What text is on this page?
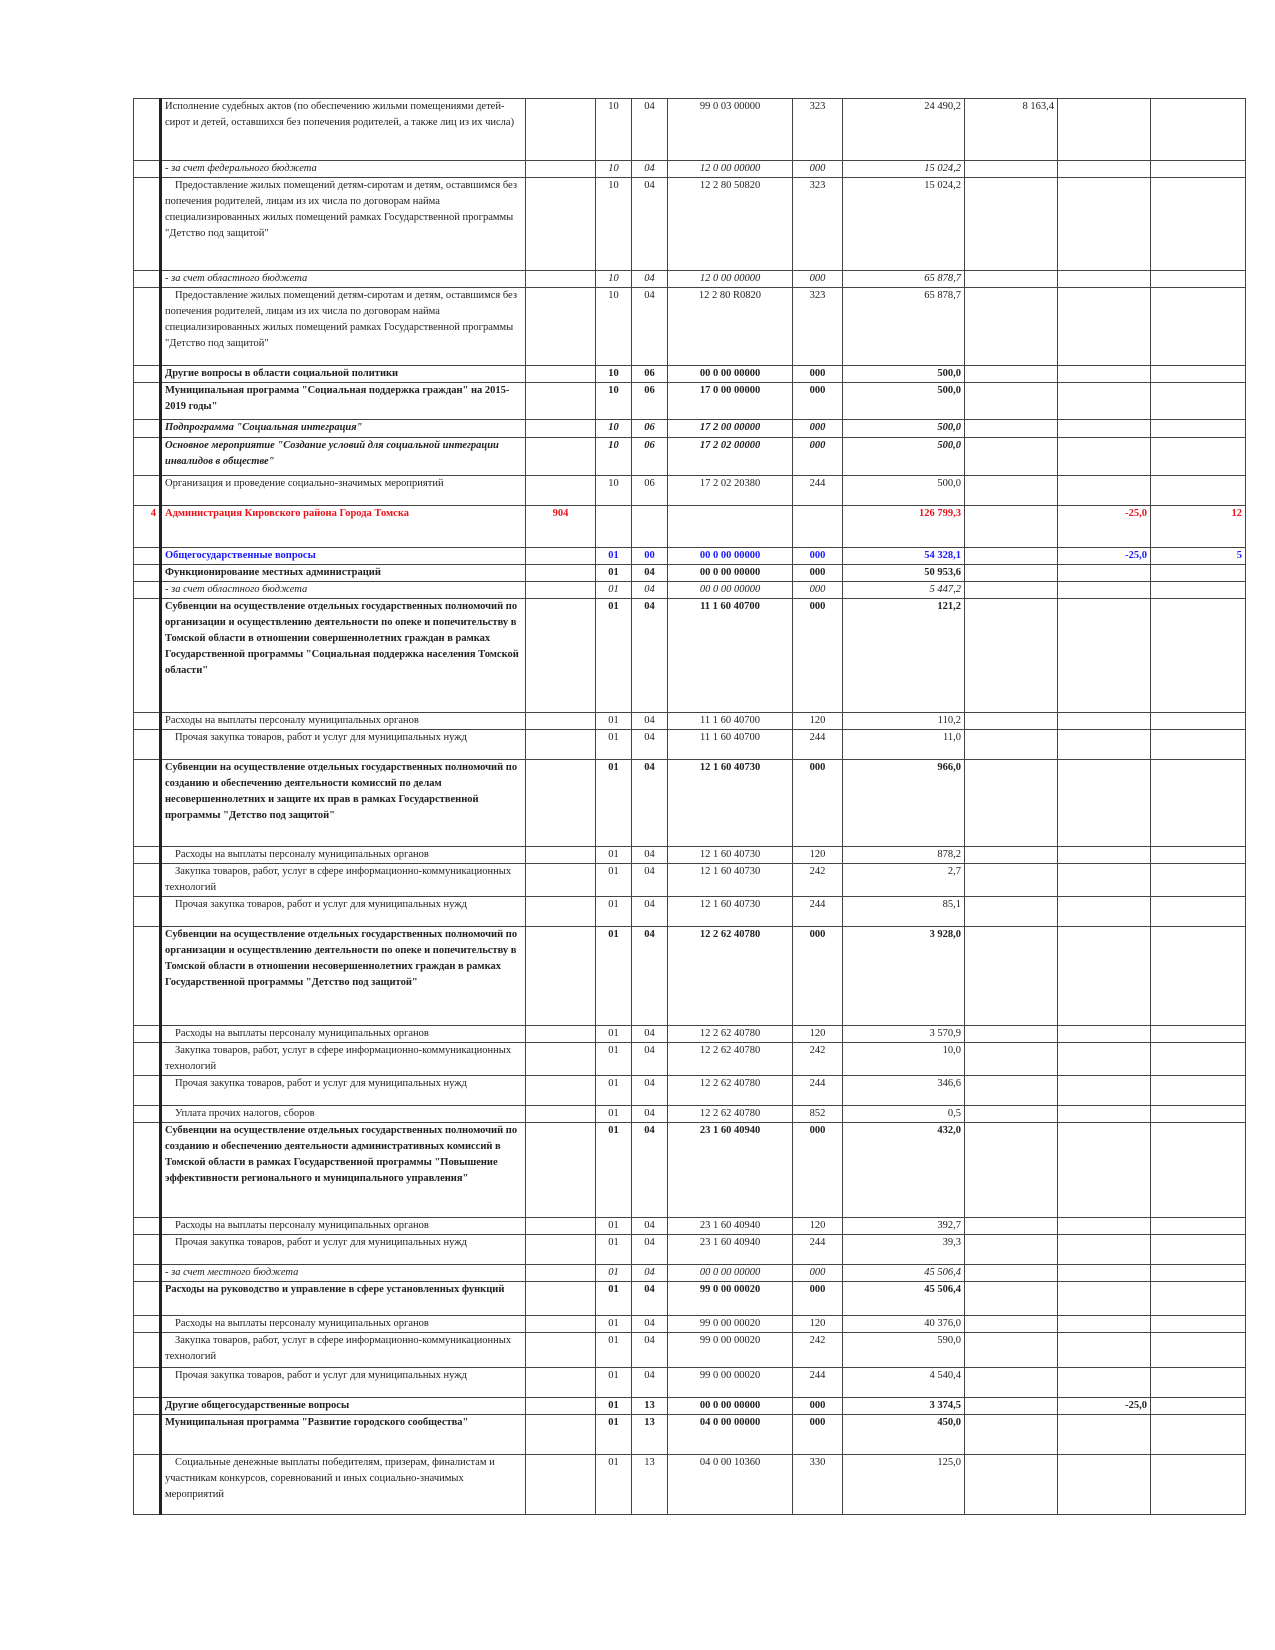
	Исполнение судебных актов (по обеспечению жильми помещениями детей-сирот и детей, оставшихся без попечения родителей, а также лиц из их числа)		10	04	99 0 03 00000	323	24 490,2	8 163,4		
	- за счет федерального бюджета		10	04	12 0 00 00000	000	15 024,2			
	Предоставление жилых помещений детям-сиротам и детям, оставшимся без попечения родителей, лицам из их числа по договорам найма специализированных жилых помещений рамках Государственной программы "Детство под защитой"		10	04	12 2 80 50820	323	15 024,2			
	- за счет областного бюджета		10	04	12 0 00 00000	000	65 878,7			
	Предоставление жилых помещений детям-сиротам и детям, оставшимся без попечения родителей, лицам из их числа по договорам найма специализированных жилых помещений рамках Государственной программы "Детство под защитой"		10	04	12 2 80 R0820	323	65 878,7			
	Другие вопросы в области социальной политики		10	06	00 0 00 00000	000	500,0			
	Муниципальная программа "Социальная поддержка граждан" на 2015-2019 годы"		10	06	17 0 00 00000	000	500,0			
	Подпрограмма "Социальная интеграция"		10	06	17 2 00 00000	000	500,0			
	Основное мероприятие "Создание условий для социальной интеграции инвалидов в обществе"		10	06	17 2 02 00000	000	500,0			
	Организация и проведение социально-значимых мероприятий		10	06	17 2 02 20380	244	500,0			
4	Администрация Кировского района Города Томска	904					126 799,3		-25,0	12
	Общегосударственные вопросы		01	00	00 0 00 00000	000	54 328,1		-25,0	5
	Функционирование местных администраций		01	04	00 0 00 00000	000	50 953,6			
	- за счет областного бюджета		01	04	00 0 00 00000	000	5 447,2			
	Субвенции на осуществление отдельных государственных полномочий по организации и осуществлению деятельности по опеке и попечительству в Томской области в отношении совершеннолетних граждан в рамках Государственной программы "Социальная поддержка населения Томской области"		01	04	11 1 60 40700	000	121,2			
	Расходы на выплаты персоналу муниципальных органов		01	04	11 1 60 40700	120	110,2			
	Прочая закупка товаров, работ и услуг для муниципальных нужд		01	04	11 1 60 40700	244	11,0			
	Субвенции на осуществление отдельных государственных полномочий по созданию и обеспечению деятельности комиссий по делам несовершеннолетних и защите их прав в рамках Государственной программы "Детство под защитой"		01	04	12 1 60 40730	000	966,0			
	Расходы на выплаты персоналу муниципальных органов		01	04	12 1 60 40730	120	878,2			
	Закупка товаров, работ, услуг в сфере информационно-коммуникационных технологий		01	04	12 1 60 40730	242	2,7			
	Прочая закупка товаров, работ и услуг для муниципальных нужд		01	04	12 1 60 40730	244	85,1			
	Субвенции на осуществление отдельных государственных полномочий по организации и осуществлению деятельности по опеке и попечительству в Томской области в отношении несовершеннолетних граждан в рамках Государственной программы "Детство под защитой"		01	04	12 2 62 40780	000	3 928,0			
	Расходы на выплаты персоналу муниципальных органов		01	04	12 2 62 40780	120	3 570,9			
	Закупка товаров, работ, услуг в сфере информационно-коммуникационных технологий		01	04	12 2 62 40780	242	10,0			
	Прочая закупка товаров, работ и услуг для муниципальных нужд		01	04	12 2 62 40780	244	346,6			
	Уплата прочих налогов, сборов		01	04	12 2 62 40780	852	0,5			
	Субвенции на осуществление отдельных государственных полномочий по созданию и обеспечению деятельности административных комиссий в Томской области в рамках Государственной программы "Повышение эффективности регионального и муниципального управления"		01	04	23 1 60 40940	000	432,0			
	Расходы на выплаты персоналу муниципальных органов		01	04	23 1 60 40940	120	392,7			
	Прочая закупка товаров, работ и услуг для муниципальных нужд		01	04	23 1 60 40940	244	39,3			
	- за счет местного бюджета		01	04	00 0 00 00000	000	45 506,4			
	Расходы на руководство и управление в сфере установленных функций		01	04	99 0 00 00020	000	45 506,4			
	Расходы на выплаты персоналу муниципальных органов		01	04	99 0 00 00020	120	40 376,0			
	Закупка товаров, работ, услуг в сфере информационно-коммуникационных технологий		01	04	99 0 00 00020	242	590,0			
	Прочая закупка товаров, работ и услуг для муниципальных нужд		01	04	99 0 00 00020	244	4 540,4			
	Другие общегосударственные вопросы		01	13	00 0 00 00000	000	3 374,5		-25,0	
	Муниципальная программа "Развитие городского сообщества"		01	13	04 0 00 00000	000	450,0			
	Социальные денежные выплаты победителям, призерам, финалистам и участникам конкурсов, соревнований и иных социально-значимых мероприятий		01	13	04 0 00 10360	330	125,0			
